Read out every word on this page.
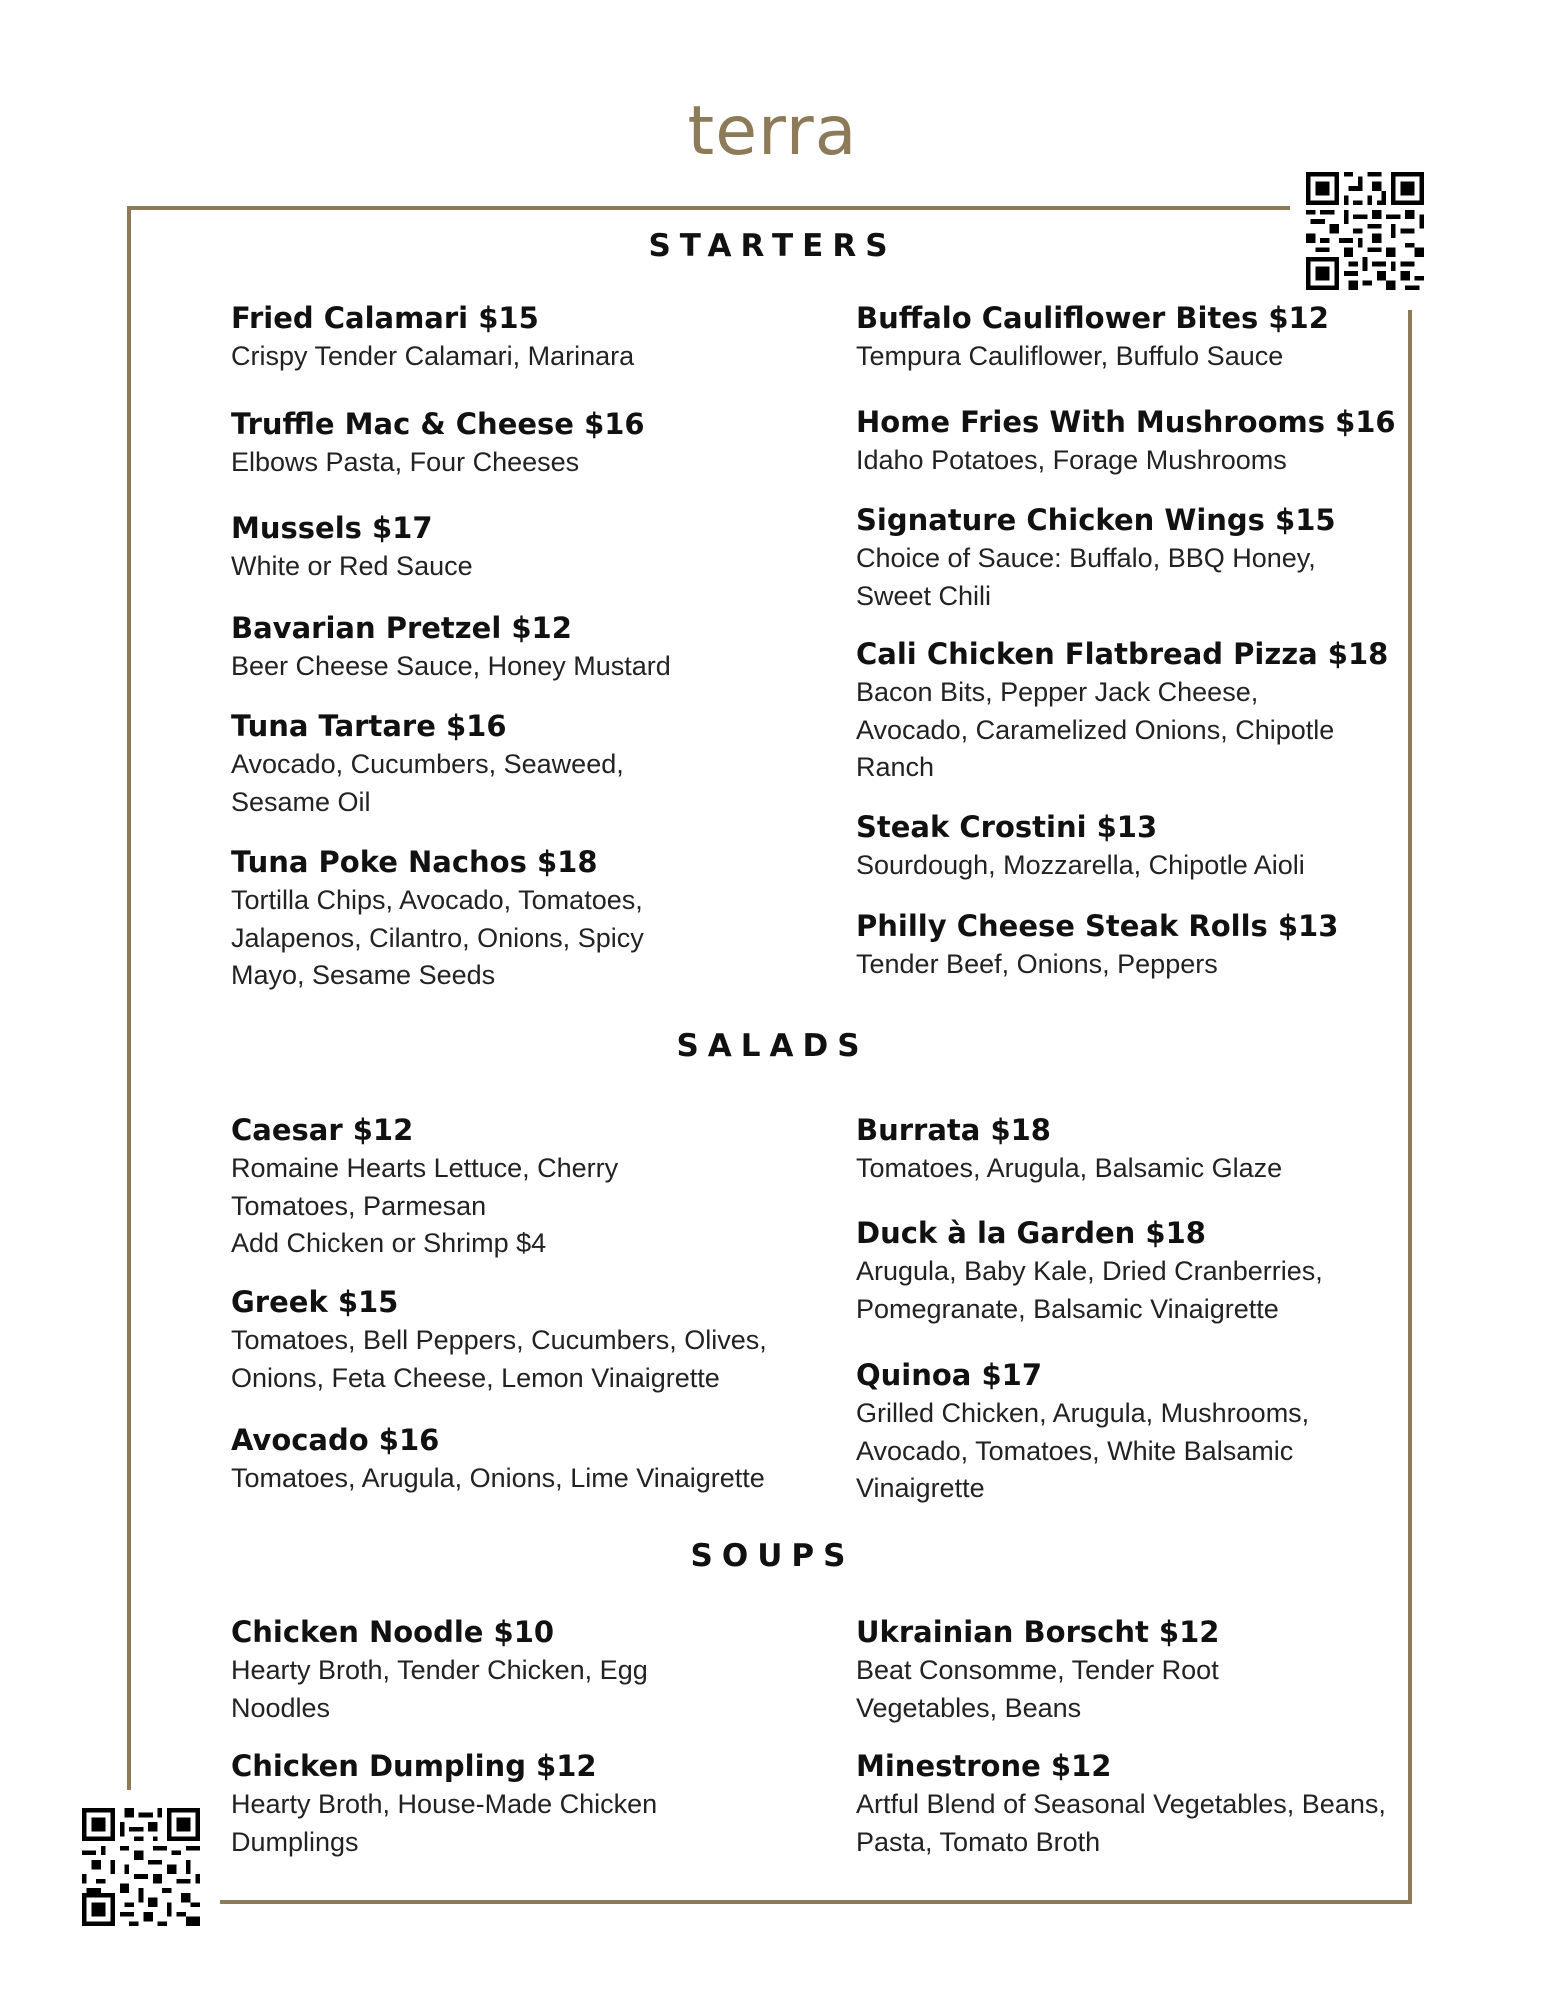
terra
STARTERS
Fried Calamari $15
Crispy Tender Calamari, Marinara
Truffle Mac & Cheese $16
Elbows Pasta, Four Cheeses
Mussels $17
White or Red Sauce
Bavarian Pretzel $12
Beer Cheese Sauce, Honey Mustard
Tuna Tartare $16
Avocado, Cucumbers, Seaweed,
Sesame Oil
Tuna Poke Nachos $18
Tortilla Chips, Avocado, Tomatoes,
Jalapenos, Cilantro, Onions, Spicy
Mayo, Sesame Seeds
Buffalo Cauliflower Bites $12
Tempura Cauliflower, Buffulo Sauce
Home Fries With Mushrooms $16
Idaho Potatoes, Forage Mushrooms
Signature Chicken Wings $15
Choice of Sauce: Buffalo, BBQ Honey,
Sweet Chili
Cali Chicken Flatbread Pizza $18
Bacon Bits, Pepper Jack Cheese,
Avocado, Caramelized Onions, Chipotle
Ranch
Steak Crostini $13
Sourdough, Mozzarella, Chipotle Aioli
Philly Cheese Steak Rolls $13
Tender Beef, Onions, Peppers
SALADS
Caesar $12
Romaine Hearts Lettuce, Cherry
Tomatoes, Parmesan
Add Chicken or Shrimp $4
Greek $15
Tomatoes, Bell Peppers, Cucumbers, Olives,
Onions, Feta Cheese, Lemon Vinaigrette
Avocado $16
Tomatoes, Arugula, Onions, Lime Vinaigrette
Burrata $18
Tomatoes, Arugula, Balsamic Glaze
Duck à la Garden $18
Arugula, Baby Kale, Dried Cranberries,
Pomegranate, Balsamic Vinaigrette
Quinoa $17
Grilled Chicken, Arugula, Mushrooms,
Avocado, Tomatoes, White Balsamic
Vinaigrette
SOUPS
Chicken Noodle $10
Hearty Broth, Tender Chicken, Egg
Noodles
Chicken Dumpling $12
Hearty Broth, House-Made Chicken
Dumplings
Ukrainian Borscht $12
Beat Consomme, Tender Root
Vegetables, Beans
Minestrone $12
Artful Blend of Seasonal Vegetables, Beans,
Pasta, Tomato Broth
